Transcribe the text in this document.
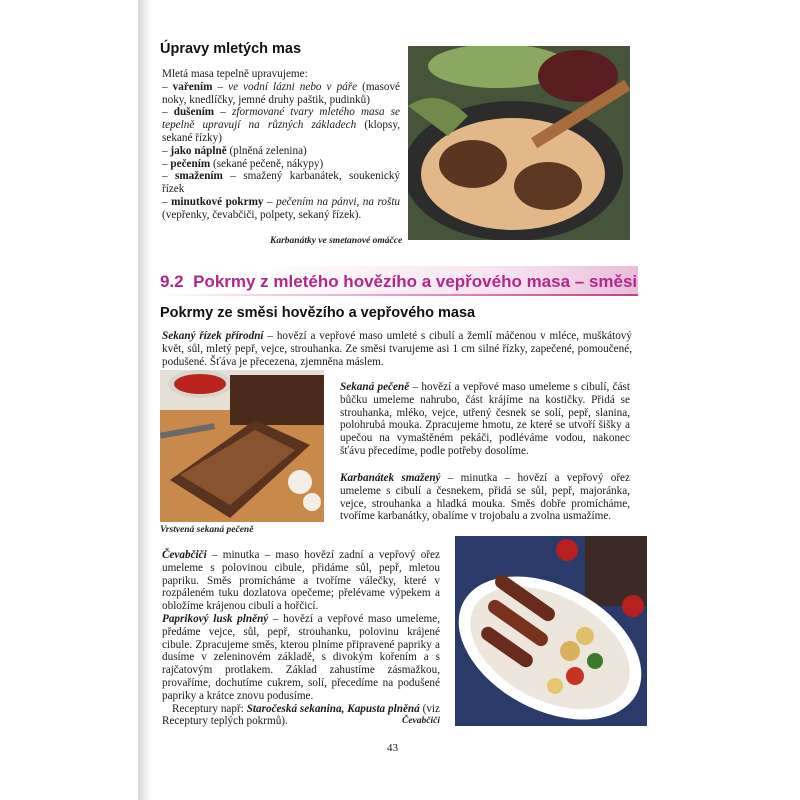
Úpravy mletých mas

Mletá masa tepelně upravujeme:

– vařením – ve vodní lázni nebo v páře (masové noky, knedlíčky, jemné druhy paštik, pudinků)

– dušením – zformované tvary mletého masa se tepelně upravují na různých základech (klopsy, sekané řízky)

– jako náplně (plněná zelenina)

– pečením (sekané pečeně, nákypy)

– smažením – smažený karbanátek, soukenický řízek

– minutkové pokrmy – pečením na pánvi, na roštu (vepřenky, čevabčiči, polpety, sekaný řízek).

Karbanátky ve smetanové omáčce
9.2 Pokrmy z mletého hovězího a vepřového masa – směsi
Pokrmy ze směsi hovězího a vepřového masa

Sekaný řízek přírodní – hovězí a vepřové maso umleté s cibulí a žemlí máčenou v mléce, muškátový květ, sůl, mletý pepř, vejce, strouhanka. Ze směsi tvarujeme asi 1 cm silné řízky, zapečené, pomoučené, podušené. Šťáva je přecezena, zjemněna máslem.

Vrstvená sekaná pečeně

Sekaná pečeně – hovězí a vepřové maso umeleme s cibulí, část bůčku umeleme nahrubo, část krájíme na kostičky. Přidá se strouhanka, mléko, vejce, utřený česnek se solí, pepř, slanina, polohrubá mouka. Zpracujeme hmotu, ze které se utvoří šišky a upečou na vymaštěném pekáči, podléváme vodou, nakonec šťávu přecedíme, podle potřeby dosolíme.

Karbanátek smažený – minutka – hovězí a vepřový ořez umeleme s cibulí a česnekem, přidá se sůl, pepř, majoránka, vejce, strouhanka a hladká mouka. Směs dobře promícháme, tvoříme karbanátky, obalíme v trojobalu a zvolna usmažíme.

Čevabčiči – minutka – maso hovězí zadní a vepřový ořez umeleme s polovinou cibule, přidáme sůl, pepř, mletou papriku. Směs promícháme a tvoříme válečky, které v rozpáleném tuku dozlatova opečeme; přelévame výpekem a obložíme krájenou cibulí a hořčicí.

Paprikový lusk plněný – hovězí a vepřové maso umeleme, předáme vejce, sůl, pepř, strouhanku, polovinu krájené cibule. Zpracujeme směs, kterou plníme připravené papriky a dusíme v zeleninovém základě, s divokým kořením a s rajčatovým protlakem. Základ zahustíme zásmažkou, provaříme, dochutíme cukrem, solí, přecedíme na podušené papriky a krátce znovu podusíme.

Receptury např: Staročeská sekanina, Kapusta plněná (viz Receptury teplých pokrmů).	Čevabčiči
43
